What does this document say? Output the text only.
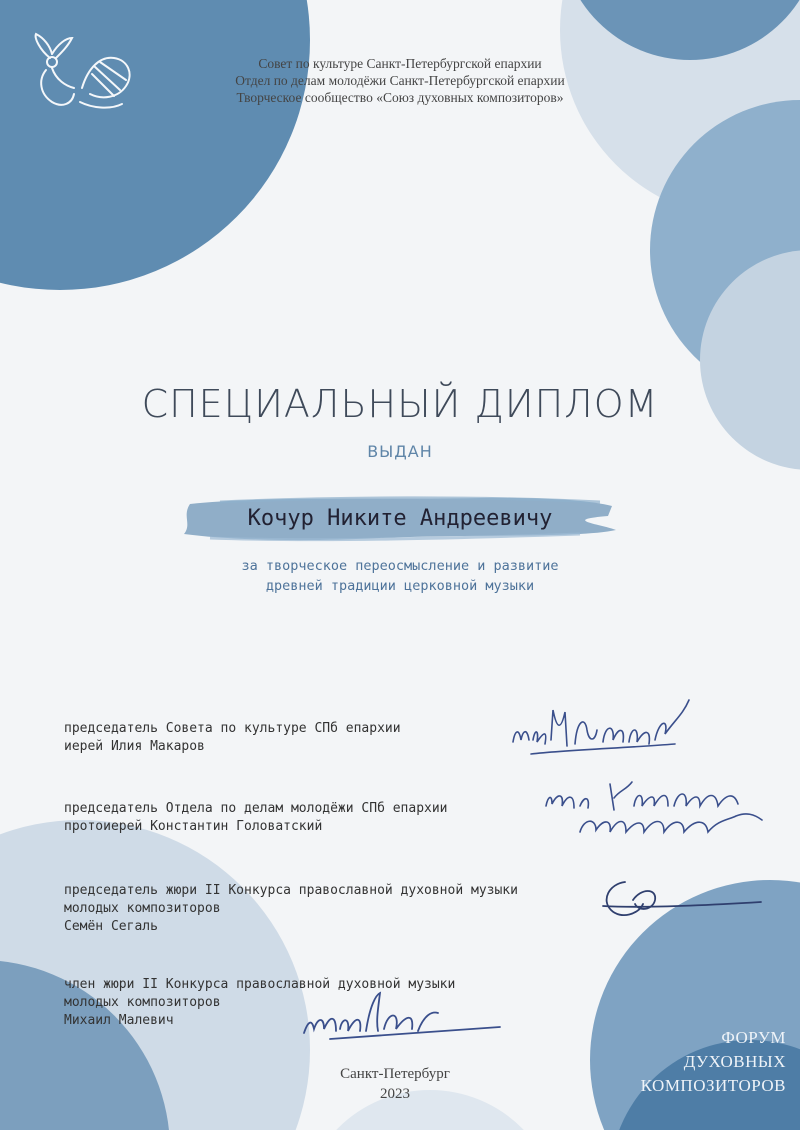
Совет по культуре Санкт-Петербургской епархии
Отдел по делам молодёжи Санкт-Петербургской епархии
Творческое сообщество «Союз духовных композиторов»
СПЕЦИАЛЬНЫЙ ДИПЛОМ
ВЫДАН
Кочур Никите Андреевичу
за творческое переосмысление и развитие
древней традиции церковной музыки
председатель Совета по культуре СПб епархии
иерей Илия Макаров
председатель Отдела по делам молодёжи СПб епархии
протоиерей Константин Головатский
председатель жюри II Конкурса православной духовной музыки
молодых композиторов
Семён Сегаль
член жюри II Конкурса православной духовной музыки
молодых композиторов
Михаил Малевич
Санкт-Петербург
2023
ФОРУМ
ДУХОВНЫХ
КОМПОЗИТОРОВ
